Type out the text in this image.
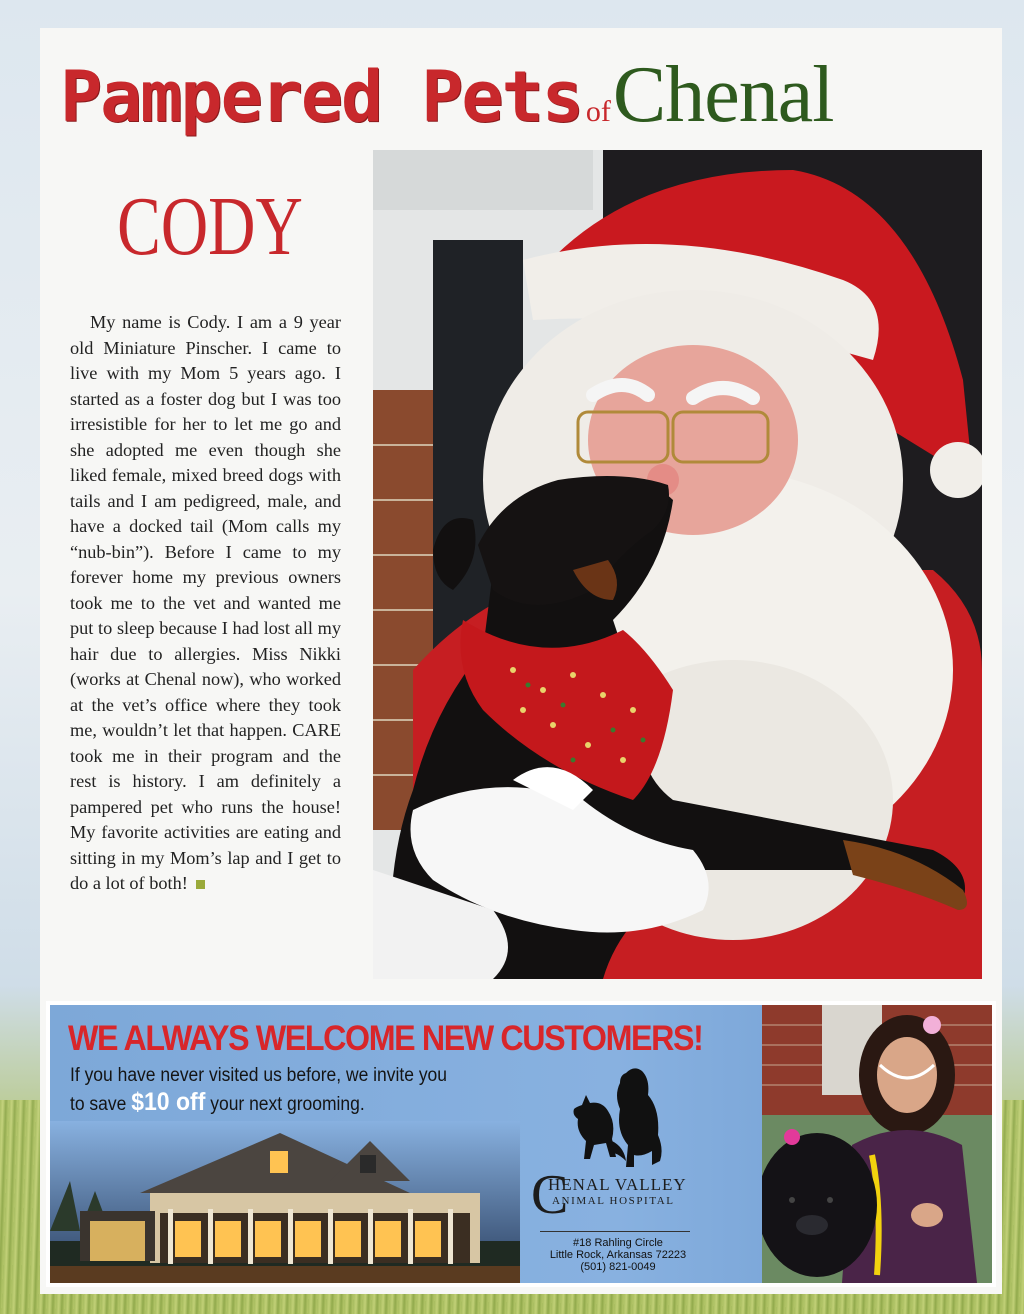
Pampered Pets ofChenal
CODY
My name is Cody. I am a 9 year old Miniature Pinscher. I came to live with my Mom 5 years ago. I started as a foster dog but I was too irresistible for her to let me go and she adopted me even though she liked female, mixed breed dogs with tails and I am pedigreed, male, and have a docked tail (Mom calls my “nub-bin”). Before I came to my forever home my previous owners took me to the vet and wanted me put to sleep because I had lost all my hair due to allergies. Miss Nikki (works at Chenal now), who worked at the vet’s office where they took me, wouldn’t let that happen. CARE took me in their program and the rest is history. I am definitely a pampered pet who runs the house! My favorite activities are eating and sitting in my Mom’s lap and I get to do a lot of both!
WE ALWAYS WELCOME NEW CUSTOMERS!
If you have never visited us before, we invite you
to save $10 off your next grooming.
C
HENAL VALLEY
ANIMAL HOSPITAL
#18 Rahling Circle
Little Rock, Arkansas 72223
(501) 821-0049
